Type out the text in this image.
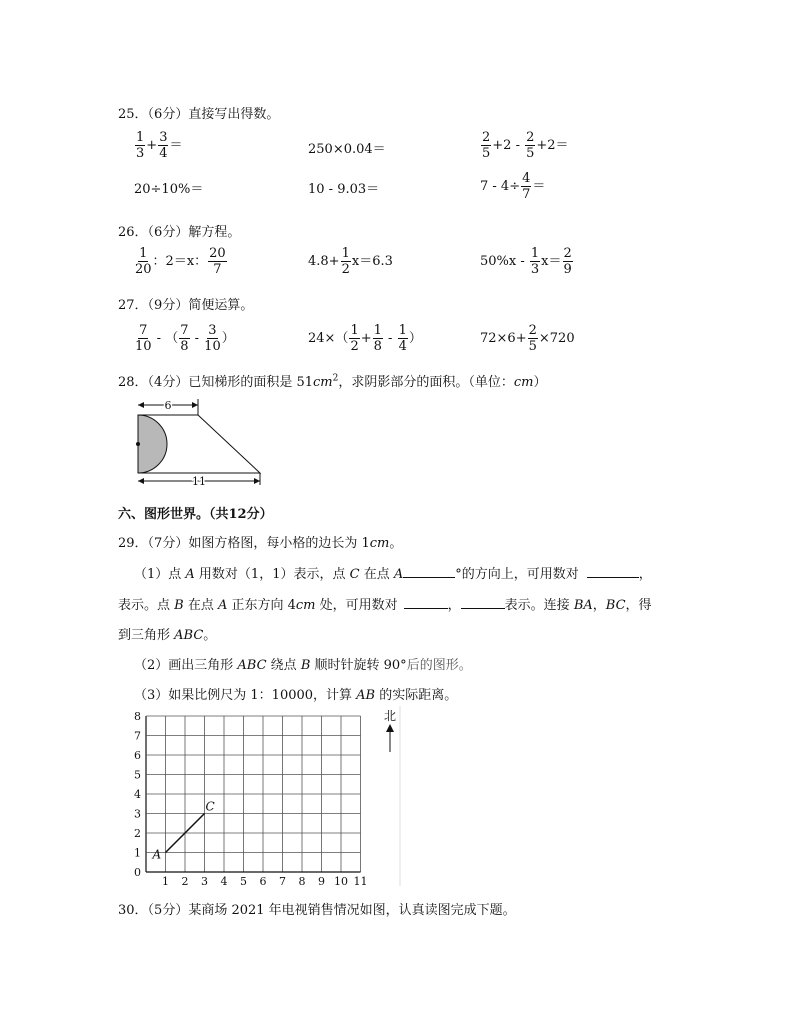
25．（6分）直接写出得数。
$\frac{1}{3} + \frac{3}{4}$ ＝	250×0.04＝	$\frac{2}{5} +2 - \frac{2}{5} +2=$
20÷10%＝	10 - 9.03＝	$7 - 4\div \frac{4}{7}$ ＝
26．（6分）解方程。
$\frac{1}{20}$ ：2＝x： $\frac{20}{7}$	$4.8+ \frac{1}{2} x=6.3$	$50\%x - \frac{1}{3} x= \frac{2}{9}$
27．（9分）简便运算。
$\frac{7}{10}$ - （ $\frac{7}{8} - \frac{3}{10}$ ）	$24\times( \frac{1}{2} + \frac{1}{8} - \frac{1}{4}$ ）	$72\times 6+ \frac{2}{5} \times 720$
28．（4分）已知梯形的面积是 $51cm^2$，求阴影部分的面积。（单位：cm）
6
11
六、图形世界。（共12分）
29．（7分）如图方格图，每小格的边长为 1cm。
（1）点 A 用数对（1，1）表示，点 C 在点 A	°的方向上，可用数对	，
表示。点 B 在点 A 正东方向 4cm 处，可用数对	，	表示。连接 BA，BC，得
到三角形 ABC。
（2）画出三角形 ABC 绕点 B 顺时针旋转 90°后的图形。
（3）如果比例尺为 1：10000，计算 AB 的实际距离。
0
1
2
3
4
5
6
7
8
1 2 3 4 5 6 7 8 9 10 11
A
C
北
30．（5分）某商场 2021 年电视销售情况如图，认真读图完成下题。
